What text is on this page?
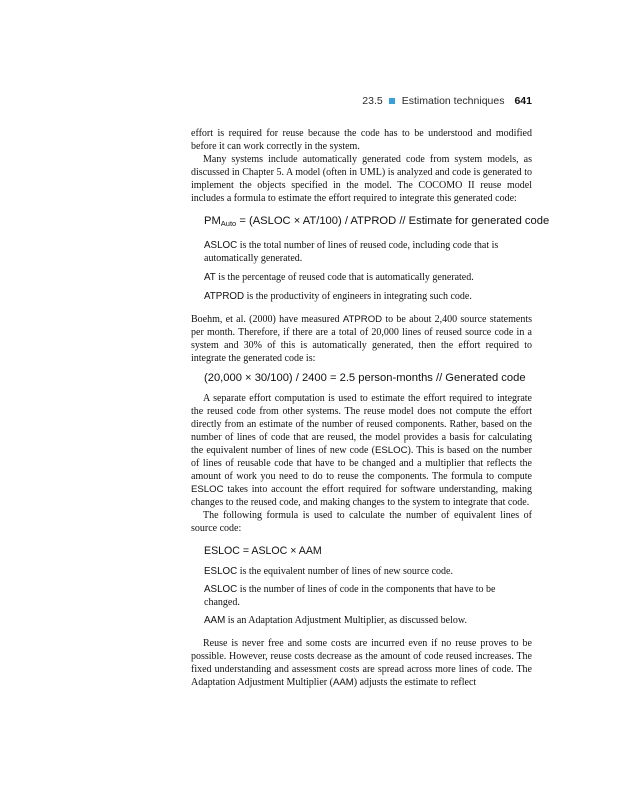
23.5 Estimation techniques 641

effort is required for reuse because the code has to be understood and modified before it can work correctly in the system.

Many systems include automatically generated code from system models, as discussed in Chapter 5. A model (often in UML) is analyzed and code is generated to implement the objects specified in the model. The COCOMO II reuse model includes a formula to estimate the effort required to integrate this generated code:

$PM_{Auto}$ = (ASLOC × AT/100) / ATPROD // Estimate for generated code

ASLOC is the total number of lines of reused code, including code that is automatically generated.

AT is the percentage of reused code that is automatically generated.

ATPROD is the productivity of engineers in integrating such code.

Boehm, et al. (2000) have measured ATPROD to be about 2,400 source statements per month. Therefore, if there are a total of 20,000 lines of reused source code in a system and 30% of this is automatically generated, then the effort required to integrate the generated code is:

(20,000 × 30/100) / 2400 = 2.5 person-months // Generated code

A separate effort computation is used to estimate the effort required to integrate the reused code from other systems. The reuse model does not compute the effort directly from an estimate of the number of reused components. Rather, based on the number of lines of code that are reused, the model provides a basis for calculating the equivalent number of lines of new code (ESLOC). This is based on the number of lines of reusable code that have to be changed and a multiplier that reflects the amount of work you need to do to reuse the components. The formula to compute ESLOC takes into account the effort required for software understanding, making changes to the reused code, and making changes to the system to integrate that code.

The following formula is used to calculate the number of equivalent lines of source code:

ESLOC = ASLOC × AAM

ESLOC is the equivalent number of lines of new source code.

ASLOC is the number of lines of code in the components that have to be changed.

AAM is an Adaptation Adjustment Multiplier, as discussed below.

Reuse is never free and some costs are incurred even if no reuse proves to be possible. However, reuse costs decrease as the amount of code reused increases. The fixed understanding and assessment costs are spread across more lines of code. The Adaptation Adjustment Multiplier (AAM) adjusts the estimate to reflect
